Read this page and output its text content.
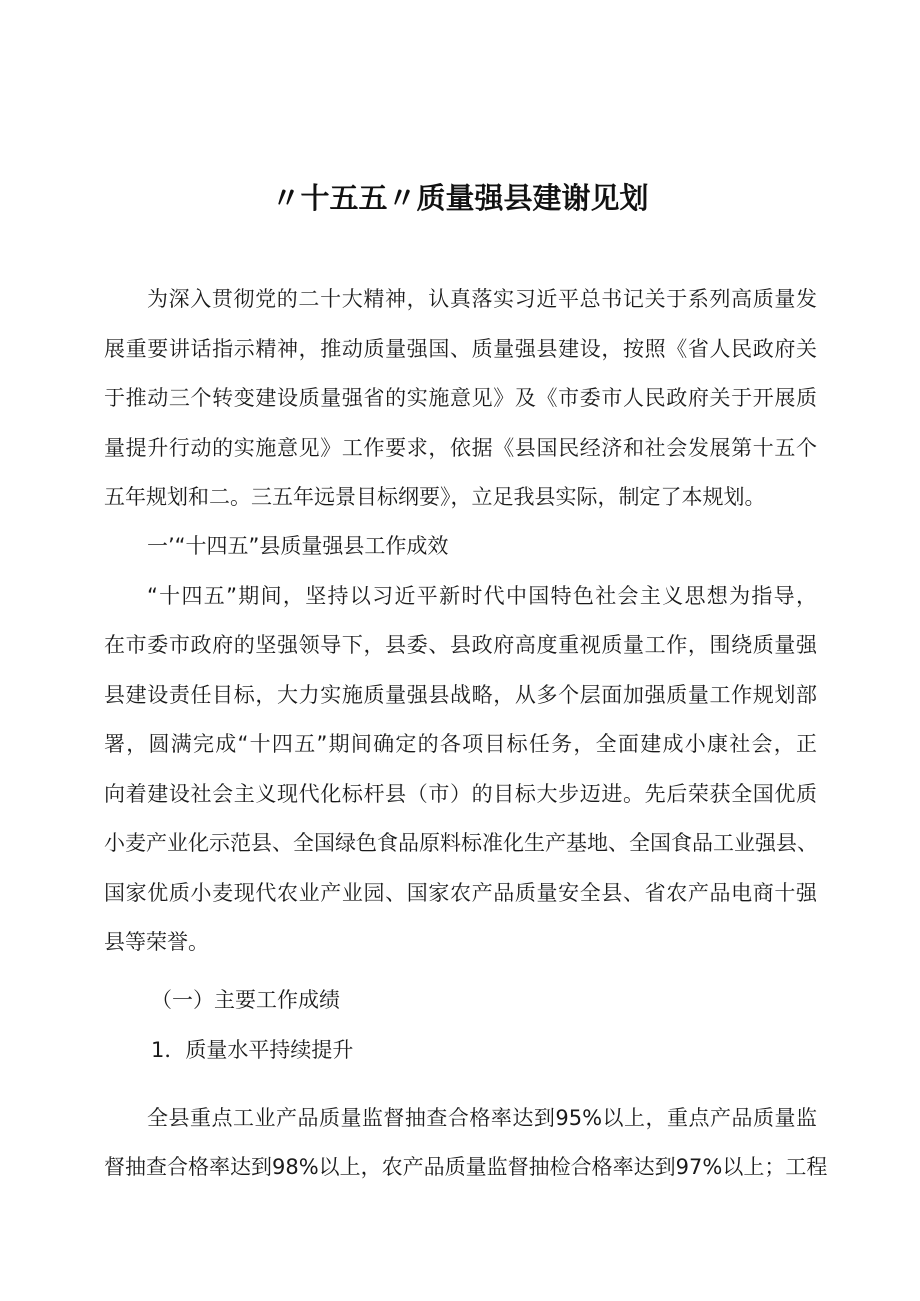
〃十五五〃质量强县建谢见划
为深入贯彻党的二十大精神，认真落实习近平总书记关于系列高质量发
展重要讲话指示精神，推动质量强国、质量强县建设，按照《省人民政府关
于推动三个转变建设质量强省的实施意见》及《市委市人民政府关于开展质
量提升行动的实施意见》工作要求，依据《县国民经济和社会发展第十五个
五年规划和二。三五年远景目标纲要》，立足我县实际，制定了本规划。
一’“十四五”县质量强县工作成效
“十四五”期间，坚持以习近平新时代中国特色社会主义思想为指导，
在市委市政府的坚强领导下，县委、县政府高度重视质量工作，围绕质量强
县建设责任目标，大力实施质量强县战略，从多个层面加强质量工作规划部
署，圆满完成“十四五”期间确定的各项目标任务，全面建成小康社会，正
向着建设社会主义现代化标杆县（市）的目标大步迈进。先后荣获全国优质
小麦产业化示范县、全国绿色食品原料标准化生产基地、全国食品工业强县、
国家优质小麦现代农业产业园、国家农产品质量安全县、省农产品电商十强
县等荣誉。
（一）主要工作成绩
1．质量水平持续提升
全县重点工业产品质量监督抽查合格率达到95%以上，重点产品质量监
督抽查合格率达到98%以上，农产品质量监督抽检合格率达到97%以上；工程
